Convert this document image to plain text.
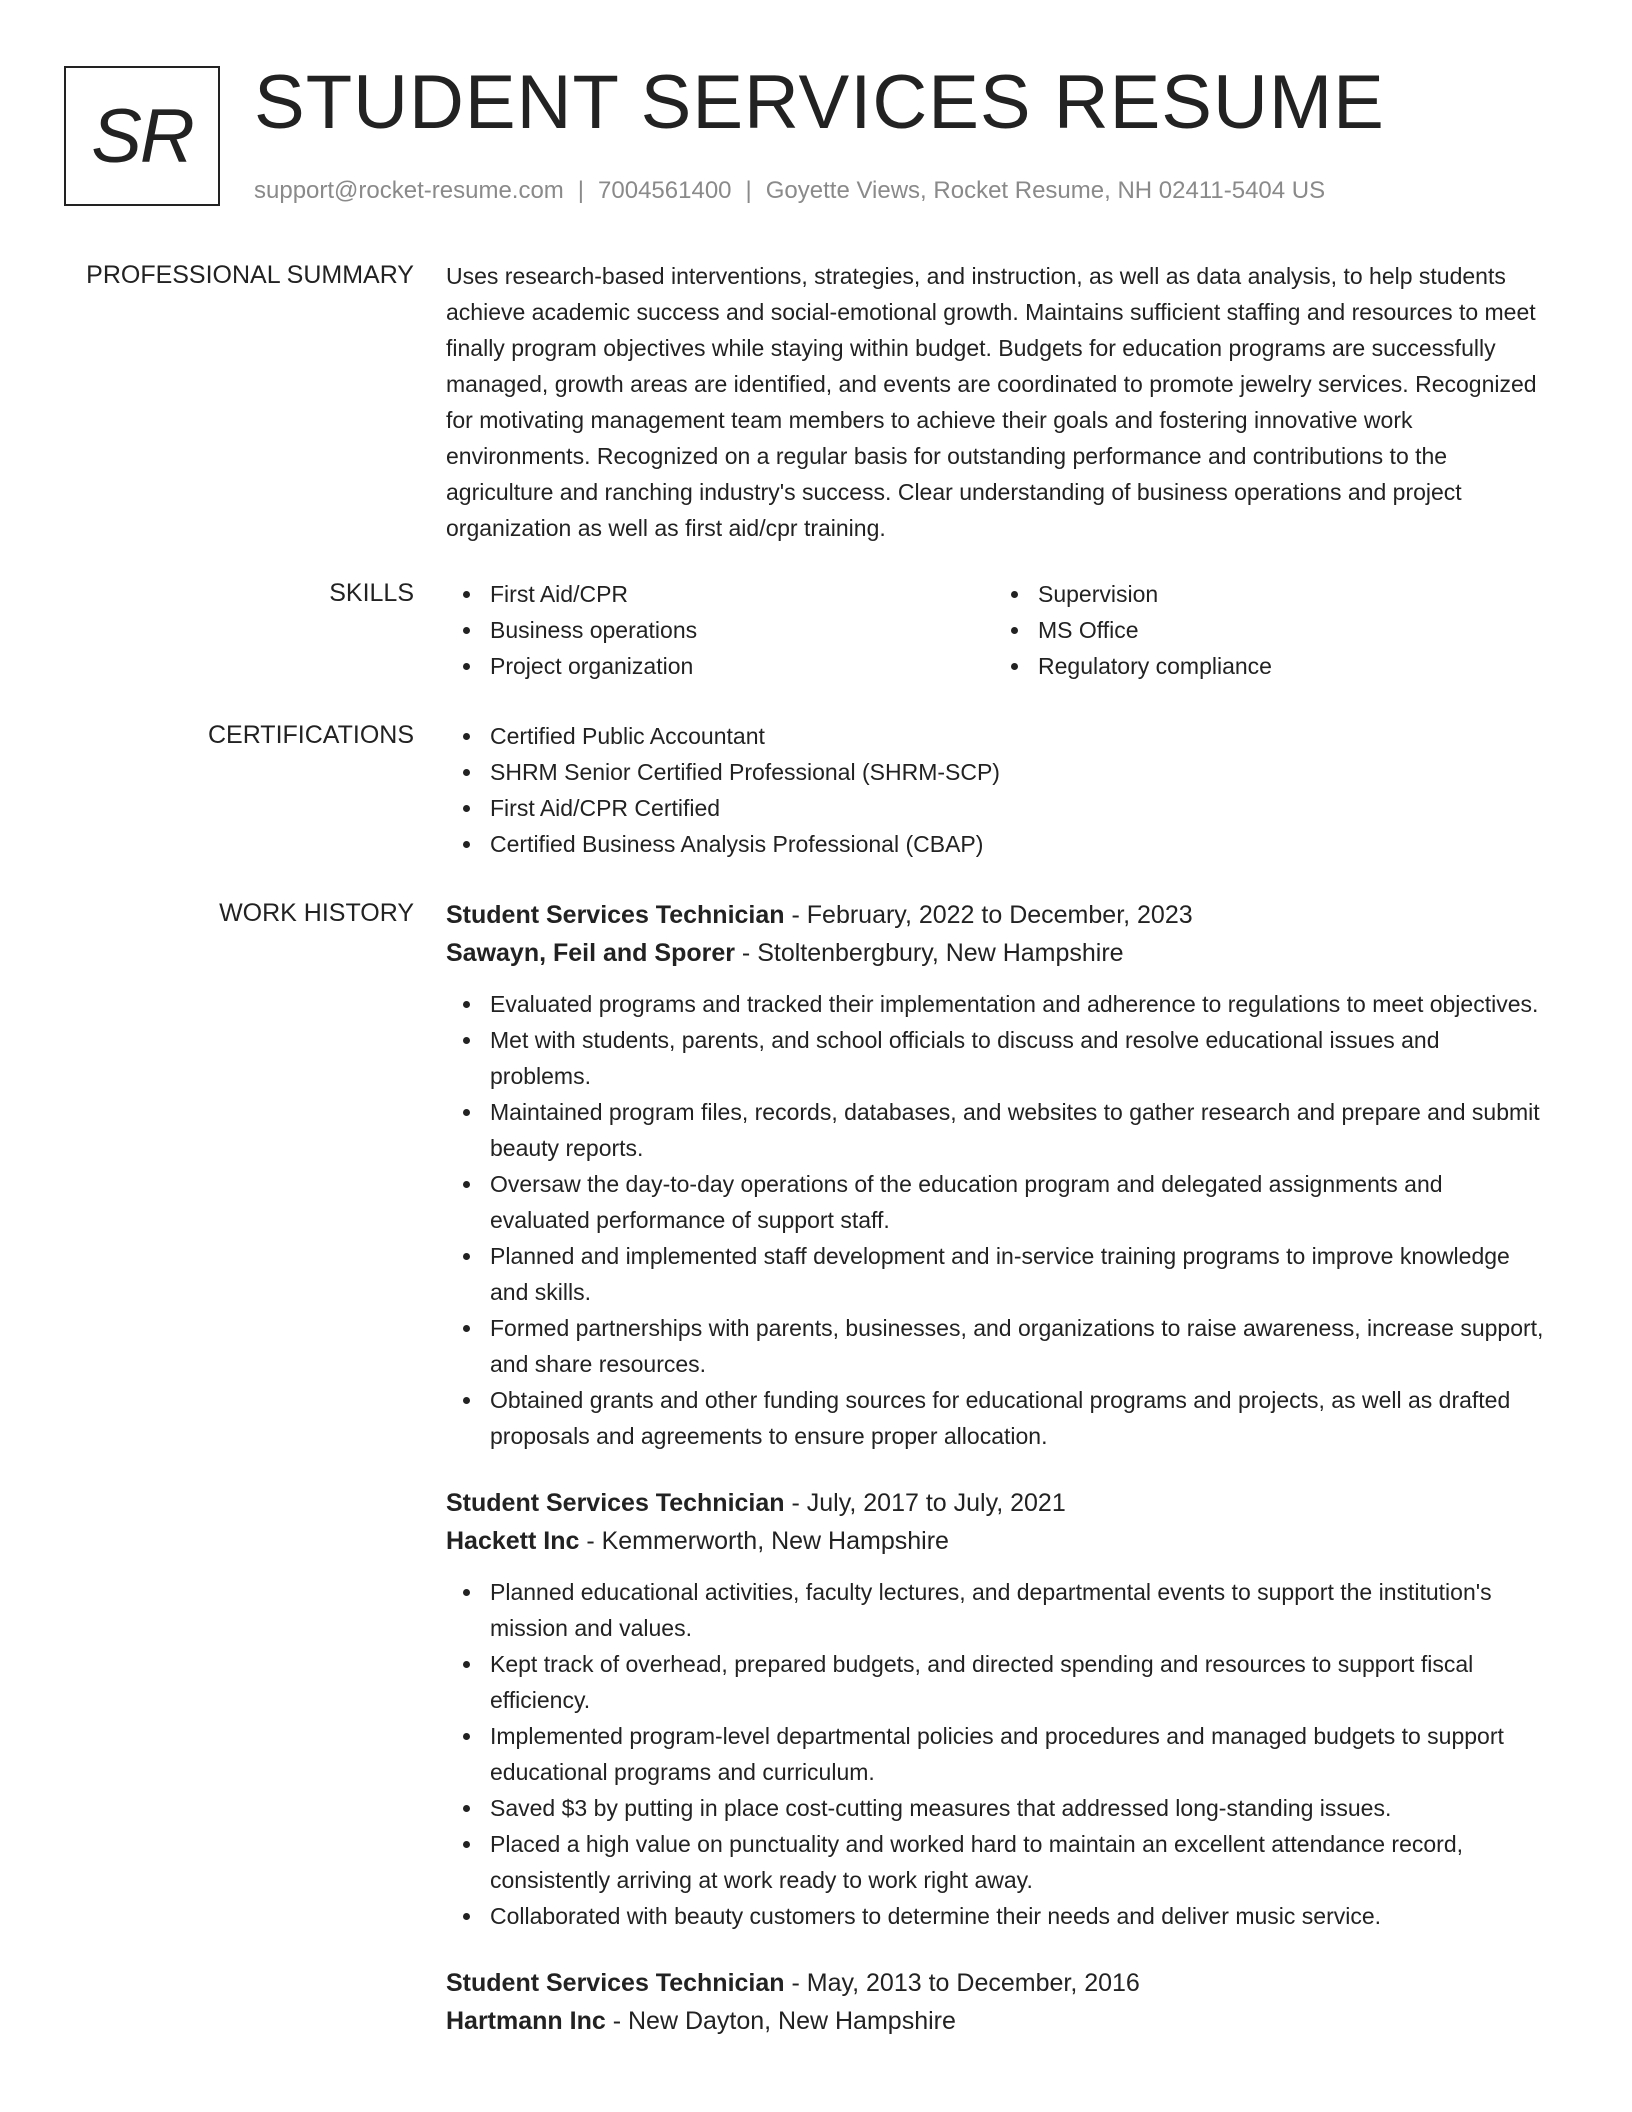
SR STUDENT SERVICES RESUME
support@rocket-resume.com | 7004561400 | Goyette Views, Rocket Resume, NH 02411-5404 US
PROFESSIONAL SUMMARY Uses research-based interventions, strategies, and instruction, as well as data analysis, to help students achieve academic success and social-emotional growth. Maintains sufficient staffing and resources to meet finally program objectives while staying within budget. Budgets for education programs are successfully managed, growth areas are identified, and events are coordinated to promote jewelry services. Recognized for motivating management team members to achieve their goals and fostering innovative work environments. Recognized on a regular basis for outstanding performance and contributions to the agriculture and ranching industry's success. Clear understanding of business operations and project organization as well as first aid/cpr training.

SKILLS	First Aid/CPR
Business operations
Project organization
Supervision
MS Office
Regulatory compliance
CERTIFICATIONS	Certified Public Accountant
SHRM Senior Certified Professional (SHRM-SCP)
First Aid/CPR Certified
Certified Business Analysis Professional (CBAP)
WORK HISTORY Student Services Technician - February, 2022 to December, 2023
Sawayn, Feil and Sporer - Stoltenbergbury, New Hampshire
Evaluated programs and tracked their implementation and adherence to regulations to meet objectives.
Met with students, parents, and school officials to discuss and resolve educational issues and problems.
Maintained program files, records, databases, and websites to gather research and prepare and submit beauty reports.
Oversaw the day-to-day operations of the education program and delegated assignments and evaluated performance of support staff.
Planned and implemented staff development and in-service training programs to improve knowledge and skills.
Formed partnerships with parents, businesses, and organizations to raise awareness, increase support, and share resources.
Obtained grants and other funding sources for educational programs and projects, as well as drafted proposals and agreements to ensure proper allocation.
Student Services Technician - July, 2017 to July, 2021
Hackett Inc - Kemmerworth, New Hampshire
Planned educational activities, faculty lectures, and departmental events to support the institution's mission and values.
Kept track of overhead, prepared budgets, and directed spending and resources to support fiscal efficiency.
Implemented program-level departmental policies and procedures and managed budgets to support educational programs and curriculum.
Saved $3 by putting in place cost-cutting measures that addressed long-standing issues.
Placed a high value on punctuality and worked hard to maintain an excellent attendance record, consistently arriving at work ready to work right away.
Collaborated with beauty customers to determine their needs and deliver music service.
Student Services Technician - May, 2013 to December, 2016
Hartmann Inc - New Dayton, New Hampshire
